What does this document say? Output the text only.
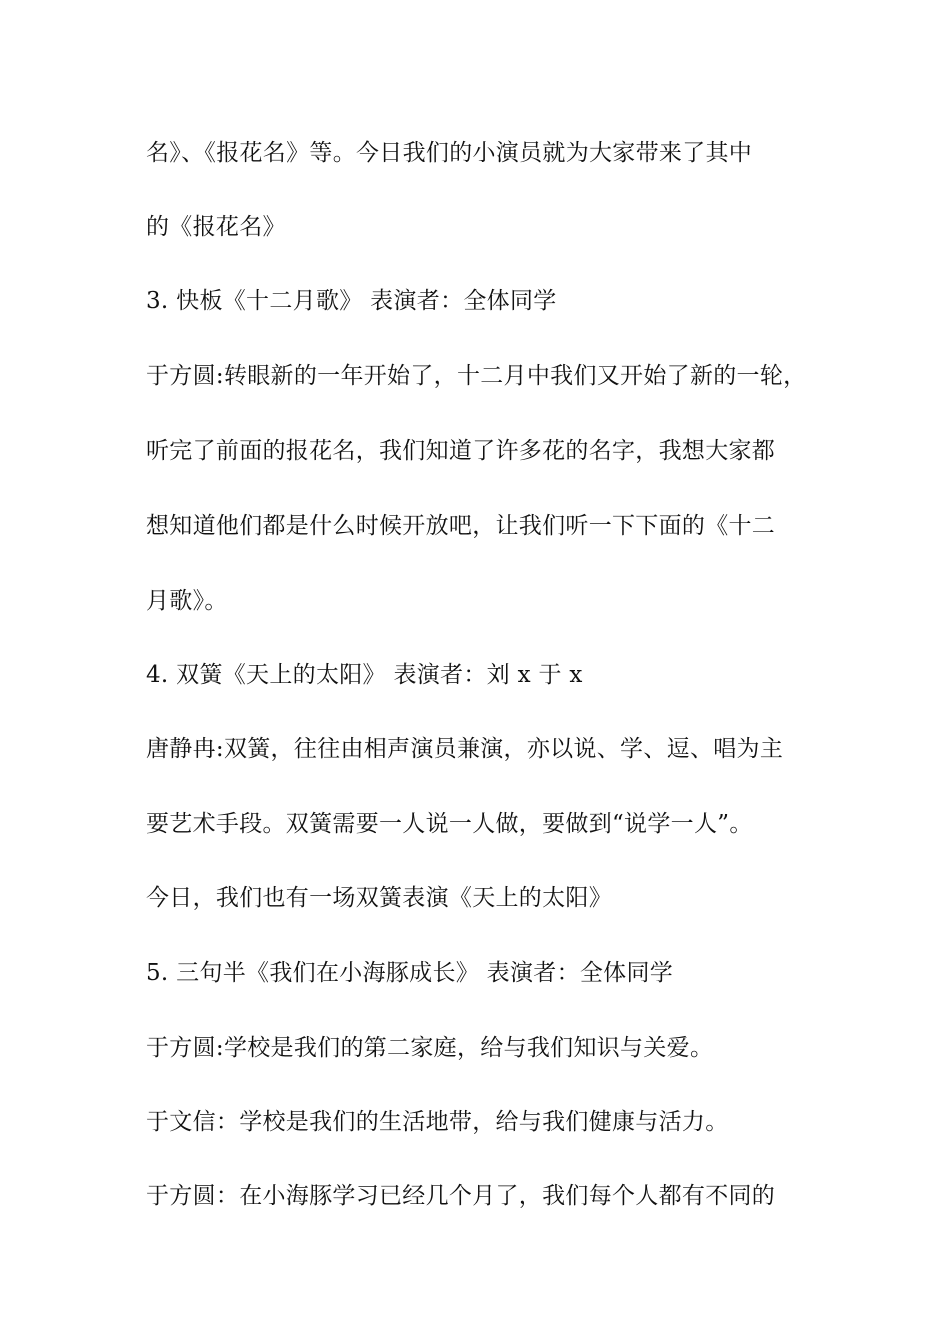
名》、《报花名》等。今日我们的小演员就为大家带来了其中
的《报花名》
3. 快板《十二月歌》 表演者：全体同学
于方圆:转眼新的一年开始了，十二月中我们又开始了新的一轮，
听完了前面的报花名，我们知道了许多花的名字，我想大家都
想知道他们都是什么时候开放吧，让我们听一下下面的《十二
月歌》。
4. 双簧《天上的太阳》 表演者：刘 x 于 x
唐静冉:双簧，往往由相声演员兼演，亦以说、学、逗、唱为主
要艺术手段。双簧需要一人说一人做，要做到“说学一人”。
今日，我们也有一场双簧表演《天上的太阳》
5. 三句半《我们在小海豚成长》 表演者：全体同学
于方圆:学校是我们的第二家庭，给与我们知识与关爱。
于文信：学校是我们的生活地带，给与我们健康与活力。
于方圆：在小海豚学习已经几个月了，我们每个人都有不同的
